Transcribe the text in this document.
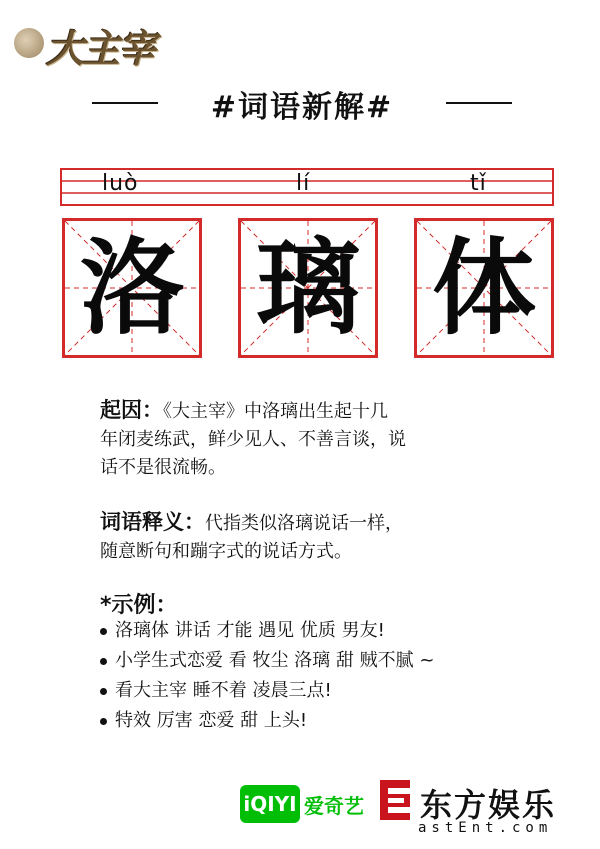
大主宰
#词语新解#
luò	lí	tǐ
洛 璃 体
起因：《大主宰》中洛璃出生起十几
年闭麦练武，鲜少见人、不善言谈，说
话不是很流畅。
词语释义：代指类似洛璃说话一样，
随意断句和蹦字式的说话方式。
*示例：
洛璃体 讲话 才能 遇见 优质 男友!
小学生式恋爱 看 牧尘 洛璃 甜 贼不腻 ~
看大主宰 睡不着 凌晨三点!
特效 厉害 恋爱 甜 上头!
iQIYI 爱奇艺 东方娱乐
astEnt.com
